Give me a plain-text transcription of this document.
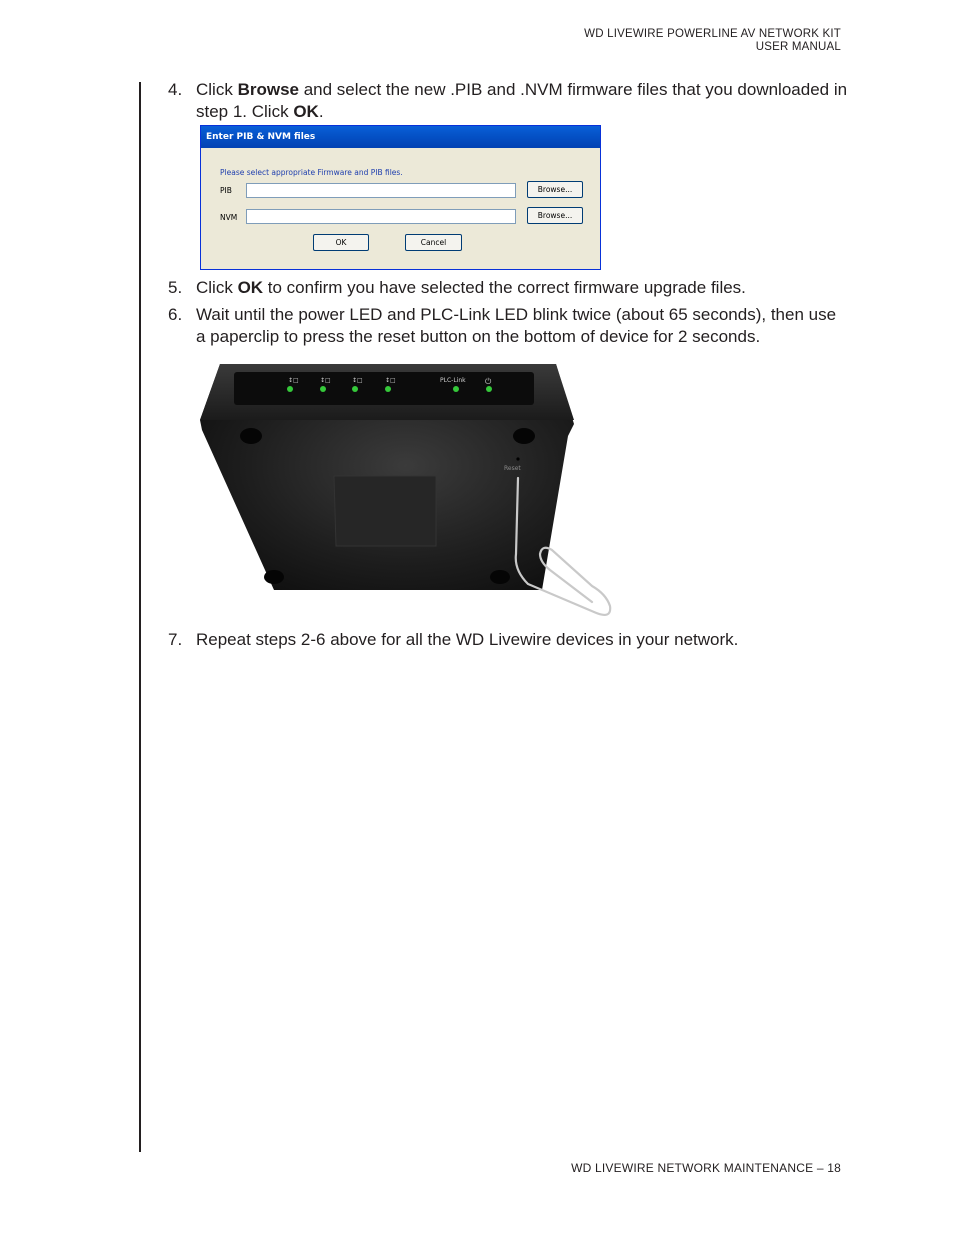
WD LIVEWIRE POWERLINE AV NETWORK KIT
USER MANUAL
4. Click Browse and select the new .PIB and .NVM firmware files that you downloaded in step 1. Click OK.
Enter PIB & NVM files
Please select appropriate Firmware and PIB files.
PIB	Browse...
NVM	Browse...
OK	Cancel
5. Click OK to confirm you have selected the correct firmware upgrade files.
6. Wait until the power LED and PLC-Link LED blink twice (about 65 seconds), then use a paperclip to press the reset button on the bottom of device for 2 seconds.
Reset
↕□	↕□	↕□	↕□	PLC-Link ⏻
7. Repeat steps 2-6 above for all the WD Livewire devices in your network.
WD LIVEWIRE NETWORK MAINTENANCE – 18
